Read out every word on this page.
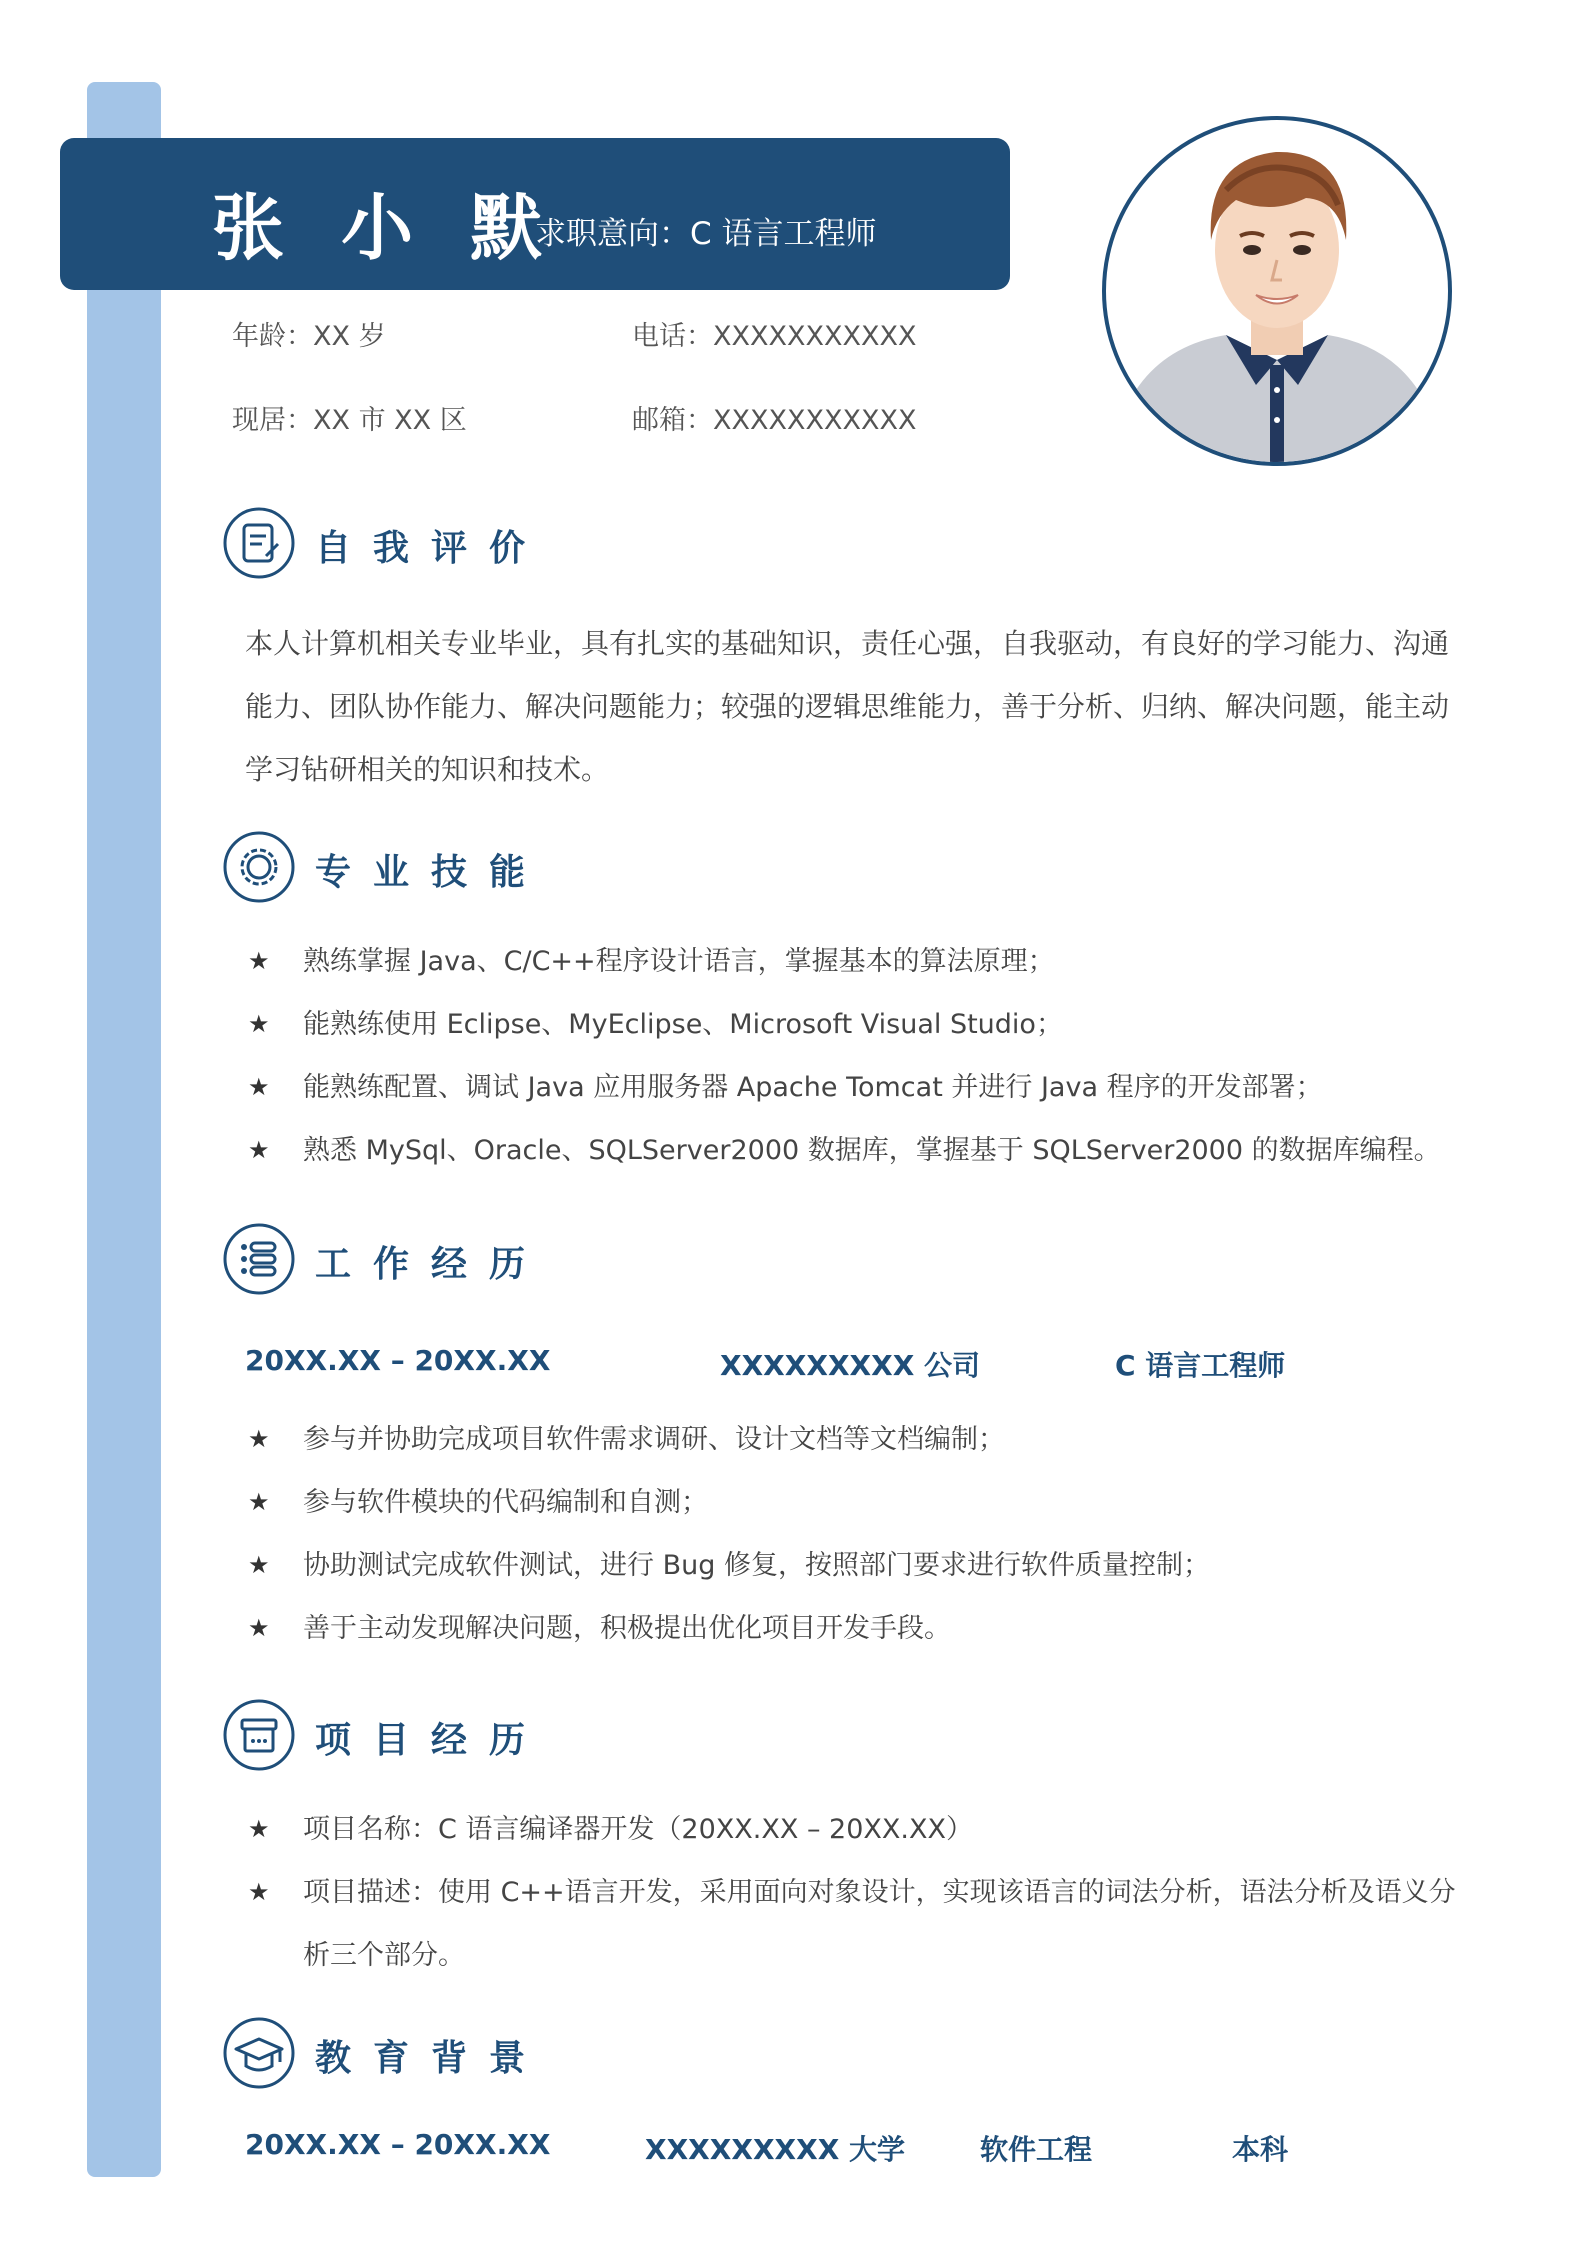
张 小 默
求职意向：C 语言工程师
年龄：XX 岁	电话：XXXXXXXXXXX
现居：XX 市 XX 区	邮箱：XXXXXXXXXXX
自我评价

本人计算机相关专业毕业，具有扎实的基础知识，责任心强，自我驱动，有良好的学习能力、沟通能力、团队协作能力、解决问题能力；较强的逻辑思维能力，善于分析、归纳、解决问题，能主动学习钻研相关的知识和技术。

专业技能
★ 熟练掌握 Java、C/C++程序设计语言，掌握基本的算法原理；
★ 能熟练使用 Eclipse、MyEclipse、Microsoft Visual Studio；
★ 能熟练配置、调试 Java 应用服务器 Apache Tomcat 并进行 Java 程序的开发部署；
★ 熟悉 MySql、Oracle、SQLServer2000 数据库，掌握基于 SQLServer2000 的数据库编程。
工作经历
20XX.XX – 20XX.XX	XXXXXXXXX 公司	C 语言工程师
★ 参与并协助完成项目软件需求调研、设计文档等文档编制；
★ 参与软件模块的代码编制和自测；
★ 协助测试完成软件测试，进行 Bug 修复，按照部门要求进行软件质量控制；
★ 善于主动发现解决问题，积极提出优化项目开发手段。
项目经历
★ 项目名称：C 语言编译器开发（20XX.XX – 20XX.XX）
★ 项目描述：使用 C++语言开发，采用面向对象设计，实现该语言的词法分析，语法分析及语义分析三个部分。
教育背景
20XX.XX – 20XX.XX	XXXXXXXXX 大学	软件工程	本科
